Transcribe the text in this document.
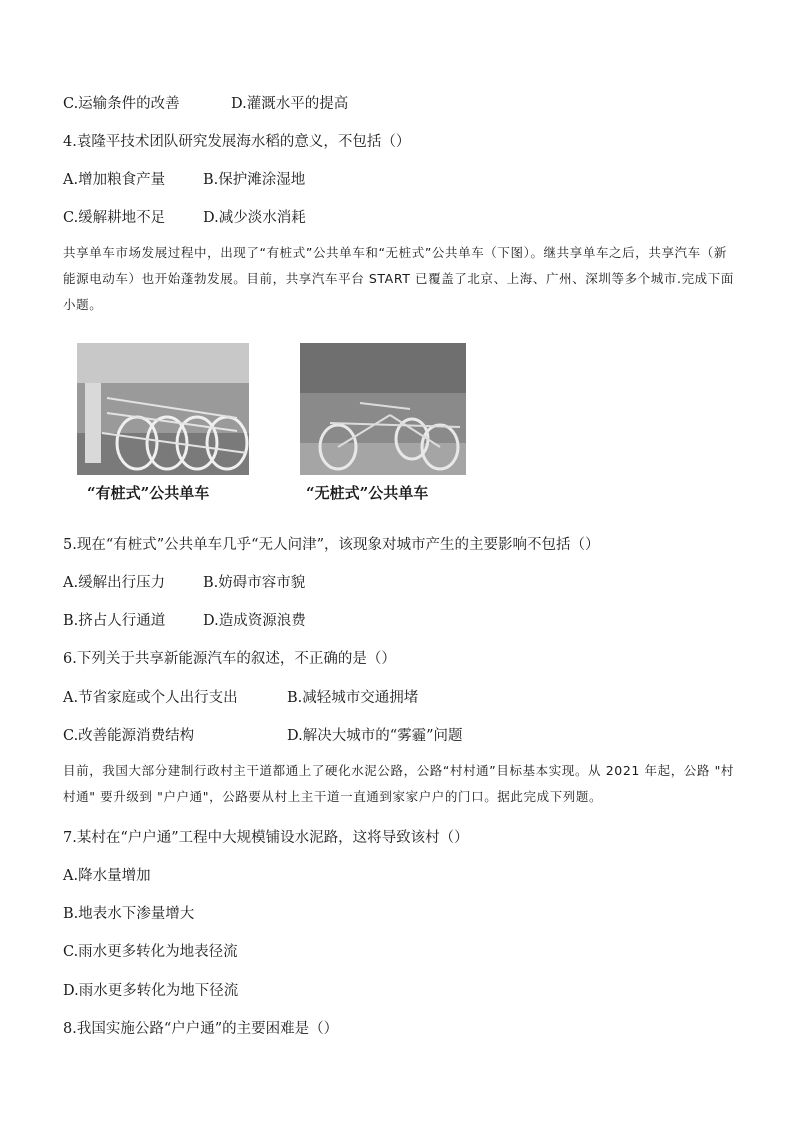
C.运输条件的改善	D.灌溉水平的提高
4.袁隆平技术团队研究发展海水稻的意义，不包括（）
A.增加粮食产量	B.保护滩涂湿地
C.缓解耕地不足	D.减少淡水消耗
共享单车市场发展过程中，出现了“有桩式”公共单车和“无桩式”公共单车（下图）。继共享单车之后，共享汽车（新能源电动车）也开始蓬勃发展。目前，共享汽车平台 START 已覆盖了北京、上海、广州、深圳等多个城市.完成下面小题。
“有桩式”公共单车	“无桩式”公共单车
5.现在“有桩式”公共单车几乎“无人问津”，该现象对城市产生的主要影响不包括（）
A.缓解出行压力	B.妨碍市容市貌
B.挤占人行通道	D.造成资源浪费
6.下列关于共享新能源汽车的叙述，不正确的是（）
A.节省家庭或个人出行支出	B.减轻城市交通拥堵
C.改善能源消费结构	D.解决大城市的“雾霾”问题
目前，我国大部分建制行政村主干道都通上了硬化水泥公路，公路“村村通”目标基本实现。从 2021 年起，公路 "村村通" 要升级到 "户户通"，公路要从村上主干道一直通到家家户户的门口。据此完成下列题。
7.某村在“户户通”工程中大规模铺设水泥路，这将导致该村（）
A.降水量增加
B.地表水下渗量增大
C.雨水更多转化为地表径流
D.雨水更多转化为地下径流
8.我国实施公路“户户通”的主要困难是（）
